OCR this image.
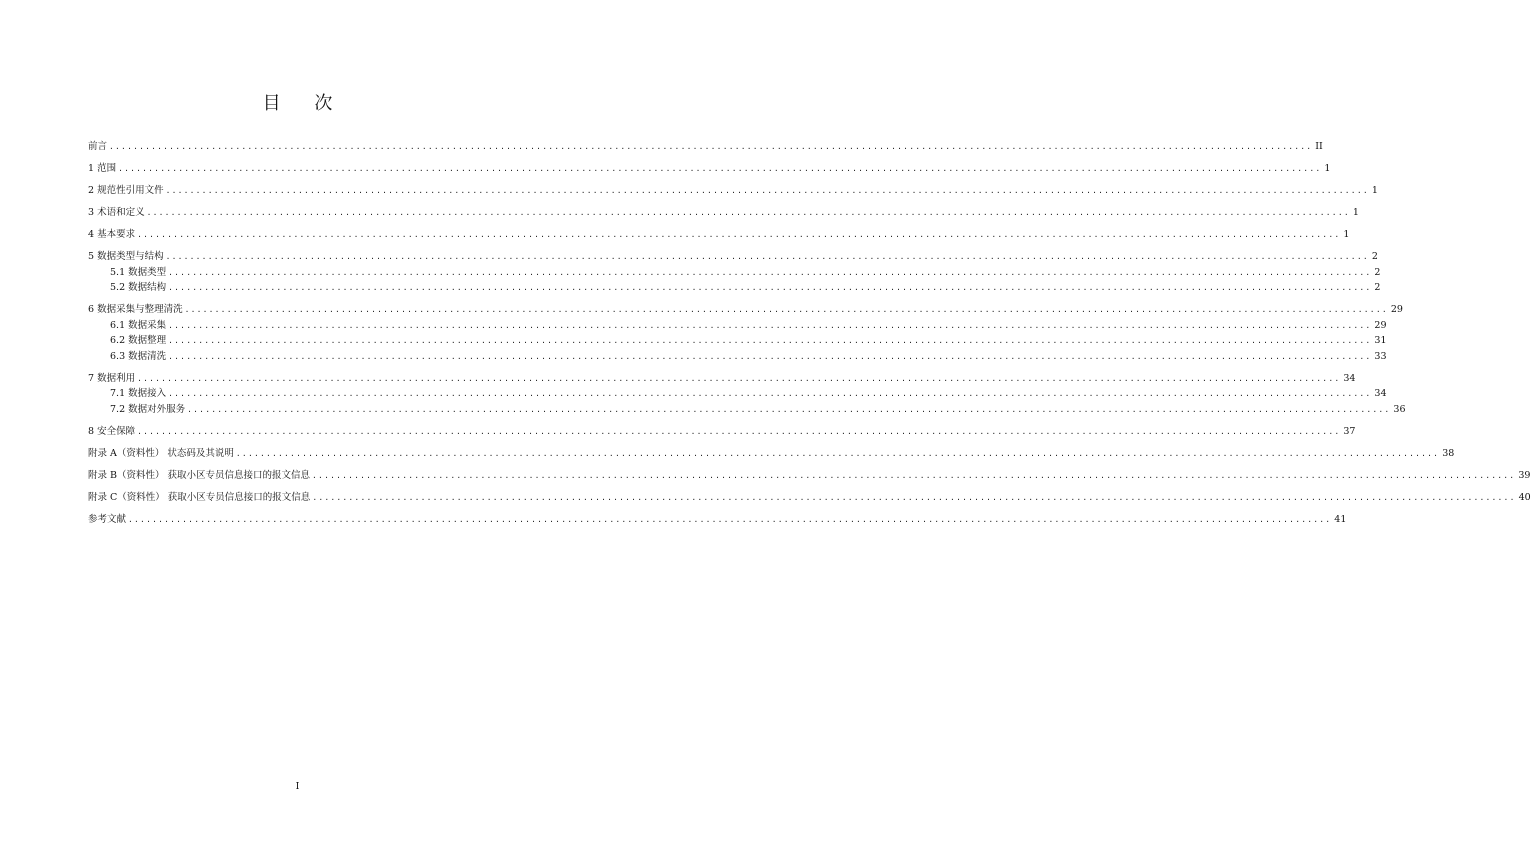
目 次
前言 ........................................................................................................................................................................................................ II
1 范围 ........................................................................................................................................................................................................ 1
2 规范性引用文件 ........................................................................................................................................................................................................ 1
3 术语和定义 ........................................................................................................................................................................................................ 1
4 基本要求 ........................................................................................................................................................................................................ 1
5 数据类型与结构 ........................................................................................................................................................................................................ 2
5.1 数据类型 ........................................................................................................................................................................................................ 2
5.2 数据结构 ........................................................................................................................................................................................................ 2
6 数据采集与整理清洗 ........................................................................................................................................................................................................ 29
6.1 数据采集 ........................................................................................................................................................................................................ 29
6.2 数据整理 ........................................................................................................................................................................................................ 31
6.3 数据清洗 ........................................................................................................................................................................................................ 33
7 数据利用 ........................................................................................................................................................................................................ 34
7.1 数据接入 ........................................................................................................................................................................................................ 34
7.2 数据对外服务 ........................................................................................................................................................................................................ 36
8 安全保障 ........................................................................................................................................................................................................ 37
附录 A（资料性） 状态码及其说明 ........................................................................................................................................................................................................ 38
附录 B（资料性） 获取小区专员信息接口的报文信息 ........................................................................................................................................................................................................ 39
附录 C（资料性） 获取小区专员信息接口的报文信息 ........................................................................................................................................................................................................ 40
参考文献 ........................................................................................................................................................................................................ 41
I
